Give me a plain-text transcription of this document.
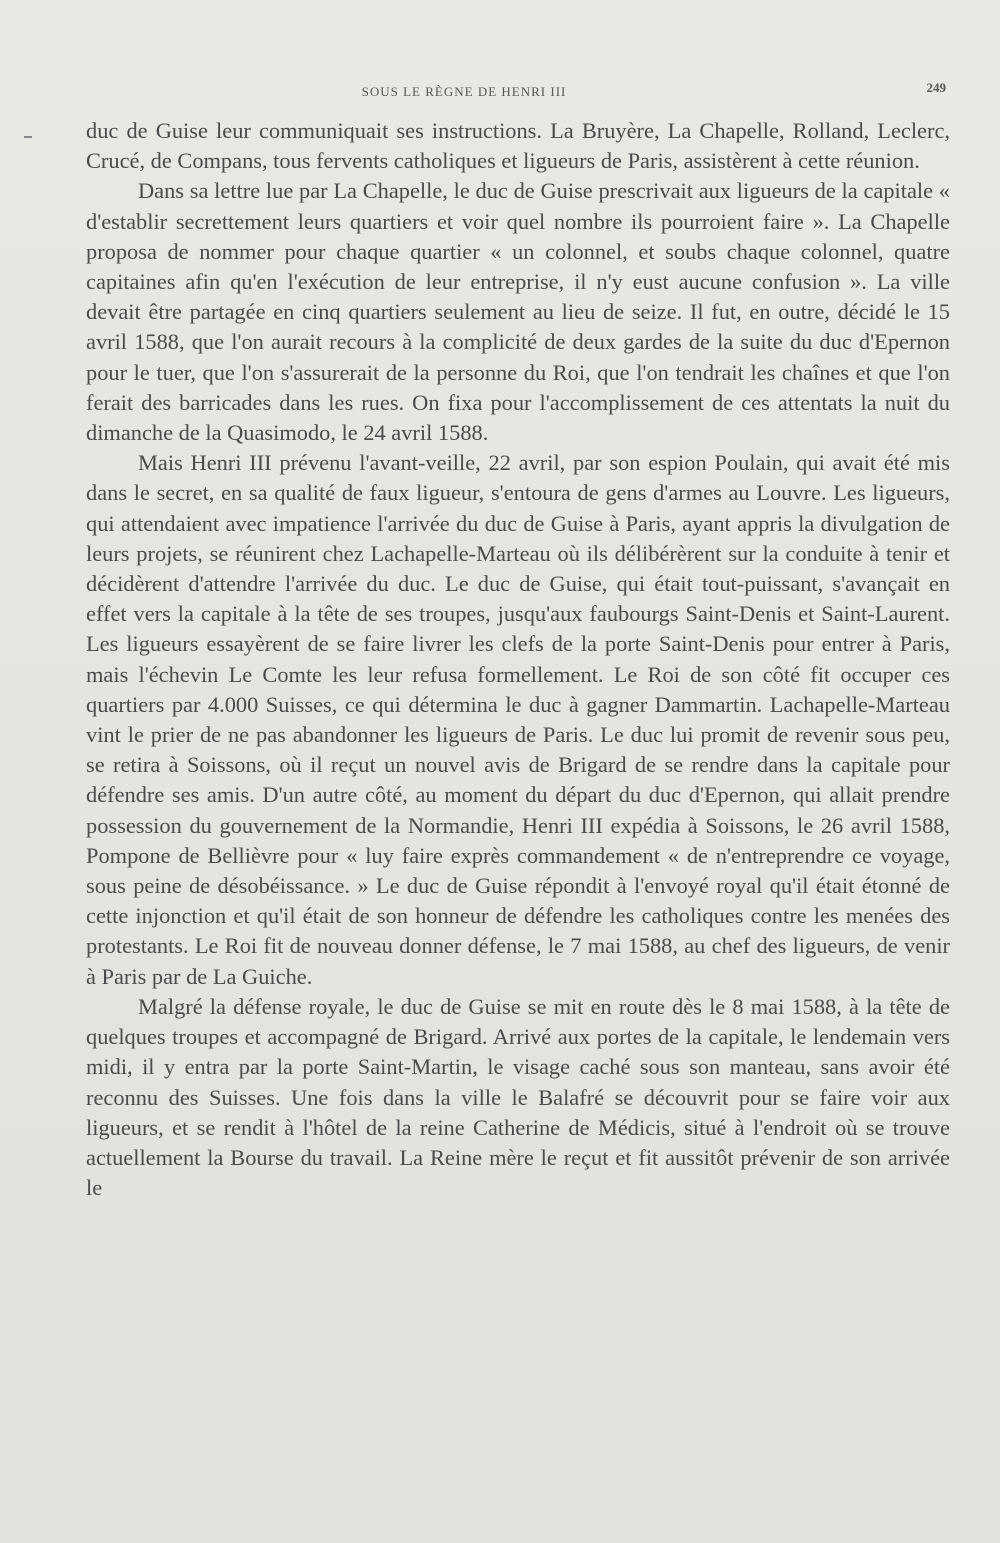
SOUS LE RÈGNE DE HENRI III	249

duc de Guise leur communiquait ses instructions. La Bruyère, La Chapelle, Rolland, Leclerc, Crucé, de Compans, tous fervents catholiques et ligueurs de Paris, assistèrent à cette réunion.

Dans sa lettre lue par La Chapelle, le duc de Guise prescrivait aux ligueurs de la capitale « d'establir secrettement leurs quartiers et voir quel nombre ils pourroient faire ». La Chapelle proposa de nommer pour chaque quartier « un colonnel, et soubs chaque colonnel, quatre capitaines afin qu'en l'exécution de leur entreprise, il n'y eust aucune confusion ». La ville devait être partagée en cinq quartiers seulement au lieu de seize. Il fut, en outre, décidé le 15 avril 1588, que l'on aurait recours à la complicité de deux gardes de la suite du duc d'Epernon pour le tuer, que l'on s'assurerait de la personne du Roi, que l'on tendrait les chaînes et que l'on ferait des barricades dans les rues. On fixa pour l'accomplissement de ces attentats la nuit du dimanche de la Quasimodo, le 24 avril 1588.

Mais Henri III prévenu l'avant-veille, 22 avril, par son espion Poulain, qui avait été mis dans le secret, en sa qualité de faux ligueur, s'entoura de gens d'armes au Louvre. Les ligueurs, qui attendaient avec impatience l'arrivée du duc de Guise à Paris, ayant appris la divulgation de leurs projets, se réunirent chez Lachapelle-Marteau où ils délibérèrent sur la conduite à tenir et décidèrent d'attendre l'arrivée du duc. Le duc de Guise, qui était tout-puissant, s'avançait en effet vers la capitale à la tête de ses troupes, jusqu'aux faubourgs Saint-Denis et Saint-Laurent. Les ligueurs essayèrent de se faire livrer les clefs de la porte Saint-Denis pour entrer à Paris, mais l'échevin Le Comte les leur refusa formellement. Le Roi de son côté fit occuper ces quartiers par 4.000 Suisses, ce qui détermina le duc à gagner Dammartin. Lachapelle-Marteau vint le prier de ne pas abandonner les ligueurs de Paris. Le duc lui promit de revenir sous peu, se retira à Soissons, où il reçut un nouvel avis de Brigard de se rendre dans la capitale pour défendre ses amis. D'un autre côté, au moment du départ du duc d'Epernon, qui allait prendre possession du gouvernement de la Normandie, Henri III expédia à Soissons, le 26 avril 1588, Pompone de Bellièvre pour « luy faire exprès commandement « de n'entreprendre ce voyage, sous peine de désobéissance. » Le duc de Guise répondit à l'envoyé royal qu'il était étonné de cette injonction et qu'il était de son honneur de défendre les catholiques contre les menées des protestants. Le Roi fit de nouveau donner défense, le 7 mai 1588, au chef des ligueurs, de venir à Paris par de La Guiche.

Malgré la défense royale, le duc de Guise se mit en route dès le 8 mai 1588, à la tête de quelques troupes et accompagné de Brigard. Arrivé aux portes de la capitale, le lendemain vers midi, il y entra par la porte Saint-Martin, le visage caché sous son manteau, sans avoir été reconnu des Suisses. Une fois dans la ville le Balafré se découvrit pour se faire voir aux ligueurs, et se rendit à l'hôtel de la reine Catherine de Médicis, situé à l'endroit où se trouve actuellement la Bourse du travail. La Reine mère le reçut et fit aussitôt prévenir de son arrivée le
